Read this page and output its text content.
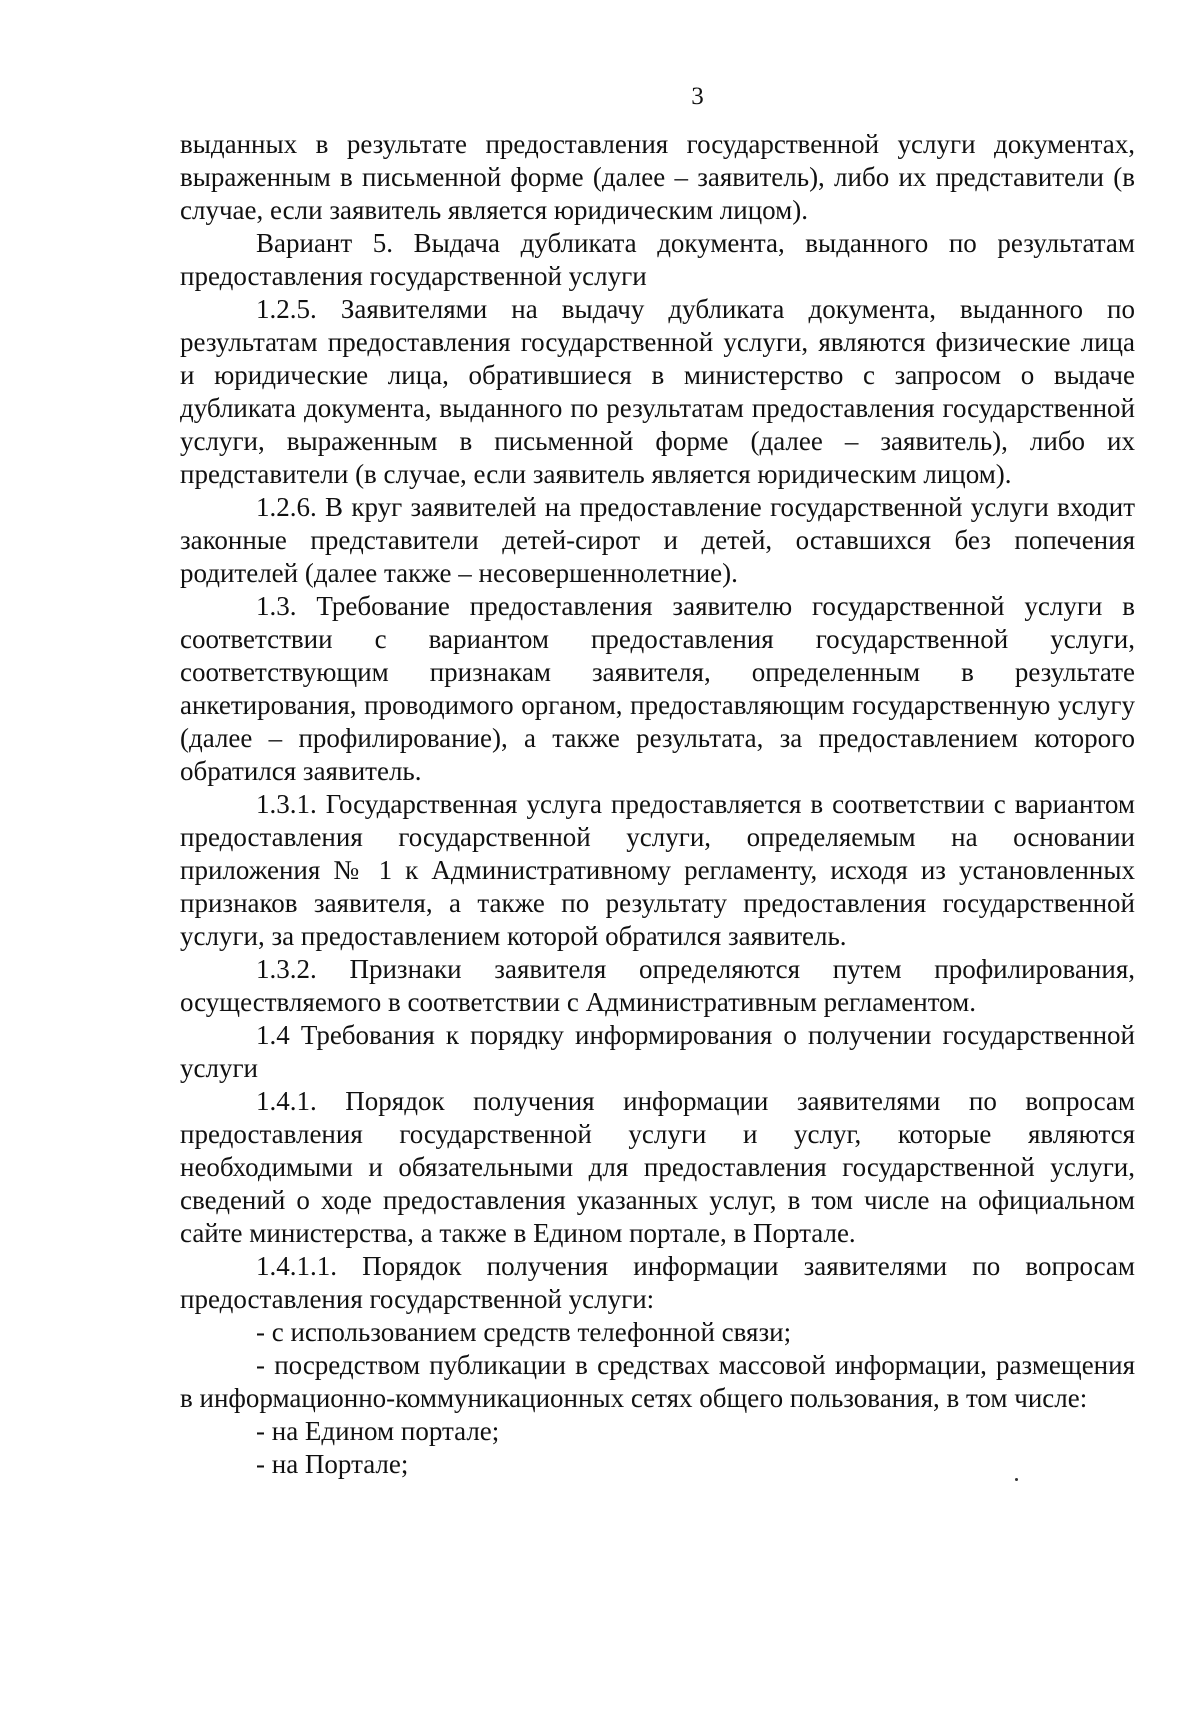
3

выданных в результате предоставления государственной услуги документах, выраженным в письменной форме (далее – заявитель), либо их представители (в случае, если заявитель является юридическим лицом).

Вариант 5. Выдача дубликата документа, выданного по результатам предоставления государственной услуги

1.2.5. Заявителями на выдачу дубликата документа, выданного по результатам предоставления государственной услуги, являются физические лица и юридические лица, обратившиеся в министерство с запросом о выдаче дубликата документа, выданного по результатам предоставления государственной услуги, выраженным в письменной форме (далее – заявитель), либо их представители (в случае, если заявитель является юридическим лицом).

1.2.6. В круг заявителей на предоставление государственной услуги входит законные представители детей-сирот и детей, оставшихся без попечения родителей (далее также – несовершеннолетние).

1.3. Требование предоставления заявителю государственной услуги в соответствии с вариантом предоставления государственной услуги, соответствующим признакам заявителя, определенным в результате анкетирования, проводимого органом, предоставляющим государственную услугу (далее – профилирование), а также результата, за предоставлением которого обратился заявитель.

1.3.1. Государственная услуга предоставляется в соответствии с вариантом предоставления государственной услуги, определяемым на основании приложения № 1 к Административному регламенту, исходя из установленных признаков заявителя, а также по результату предоставления государственной услуги, за предоставлением которой обратился заявитель.

1.3.2. Признаки заявителя определяются путем профилирования, осуществляемого в соответствии с Административным регламентом.

1.4 Требования к порядку информирования о получении государственной услуги

1.4.1. Порядок получения информации заявителями по вопросам предоставления государственной услуги и услуг, которые являются необходимыми и обязательными для предоставления государственной услуги, сведений о ходе предоставления указанных услуг, в том числе на официальном сайте министерства, а также в Едином портале, в Портале.

1.4.1.1. Порядок получения информации заявителями по вопросам предоставления государственной услуги:

- с использованием средств телефонной связи;

- посредством публикации в средствах массовой информации, размещения в информационно-коммуникационных сетях общего пользования, в том числе:

- на Едином портале;

- на Портале;
